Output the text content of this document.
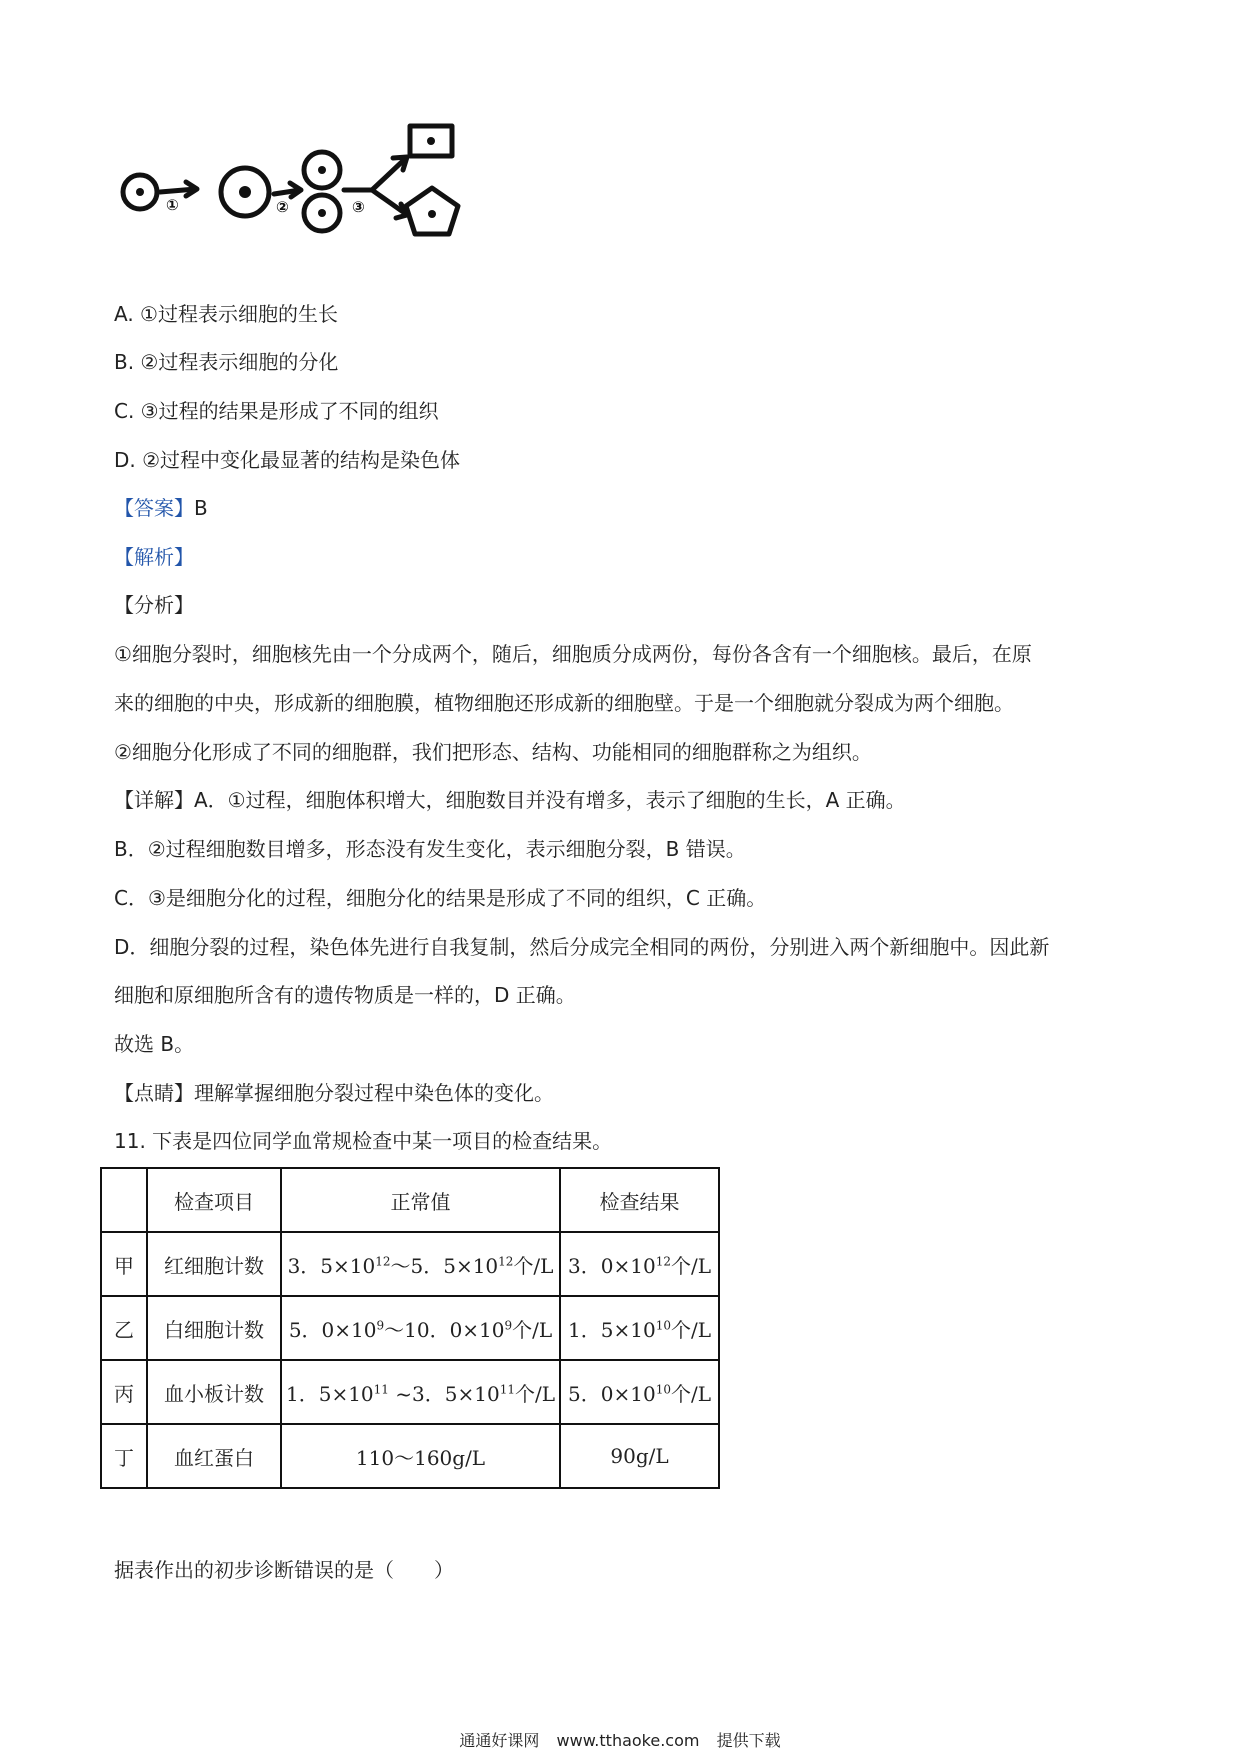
①	②	③
A. ①过程表示细胞的生长
B. ②过程表示细胞的分化
C. ③过程的结果是形成了不同的组织
D. ②过程中变化最显著的结构是染色体
【答案】B
【解析】
【分析】
①细胞分裂时，细胞核先由一个分成两个，随后，细胞质分成两份，每份各含有一个细胞核。最后，在原
来的细胞的中央，形成新的细胞膜，植物细胞还形成新的细胞壁。于是一个细胞就分裂成为两个细胞。
②细胞分化形成了不同的细胞群，我们把形态、结构、功能相同的细胞群称之为组织。
【详解】A．①过程，细胞体积增大，细胞数目并没有增多，表示了细胞的生长，A 正确。
B．②过程细胞数目增多，形态没有发生变化，表示细胞分裂，B 错误。
C．③是细胞分化的过程，细胞分化的结果是形成了不同的组织，C 正确。
D．细胞分裂的过程，染色体先进行自我复制，然后分成完全相同的两份，分别进入两个新细胞中。因此新
细胞和原细胞所含有的遗传物质是一样的，D 正确。
故选 B。
【点睛】理解掌握细胞分裂过程中染色体的变化。
11. 下表是四位同学血常规检查中某一项目的检查结果。
据表作出的初步诊断错误的是（　　）
	检查项目	正常值	检查结果
甲	红细胞计数	3．$5\times 10^{12}\sim 5$．$5\times 10^{12}$个/L	3．$0\times 10^{12}$个/L
乙	白细胞计数	5．$0\times 10^9\sim 10$．$0\times 10^9$个/L	1．$5\times 10^{10}$个/L
丙	血小板计数	1．$5\times 10^{11}$ ~3．$5\times 10^{11}$个/L	5．$0\times 10^{10}$个/L
丁	血红蛋白	110～160g/L	90g/L
通通好课网 www.tthaoke.com 提供下载
